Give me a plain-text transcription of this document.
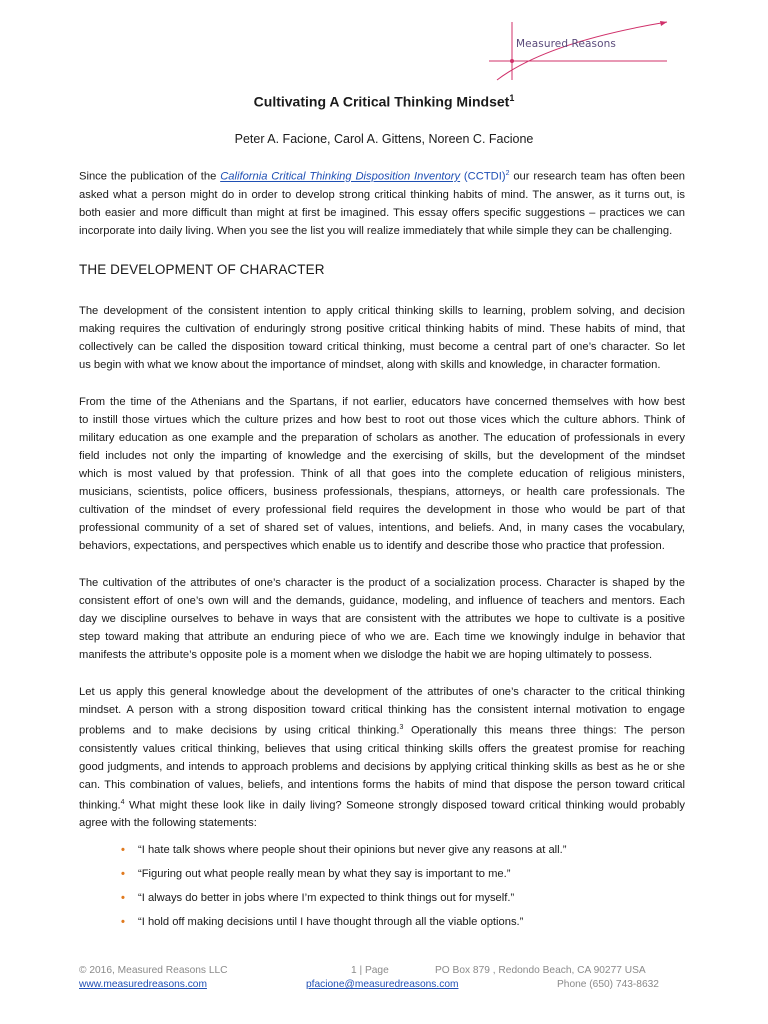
Measured Reasons
Cultivating A Critical Thinking Mindset$^1$
Peter A. Facione, Carol A. Gittens, Noreen C. Facione
Since the publication of the California Critical Thinking Disposition Inventory (CCTDI)$^2$ our research team has often been
asked what a person might do in order to develop strong critical thinking habits of mind. The answer, as it turns out, is
both easier and more difficult than might at first be imagined. This essay offers specific suggestions – practices we can
incorporate into daily living. When you see the list you will realize immediately that while simple they can be challenging.
THE DEVELOPMENT OF CHARACTER
The development of the consistent intention to apply critical thinking skills to learning, problem solving, and decision
making requires the cultivation of enduringly strong positive critical thinking habits of mind. These habits of mind, that
collectively can be called the disposition toward critical thinking, must become a central part of one’s character. So let
us begin with what we know about the importance of mindset, along with skills and knowledge, in character formation.
From the time of the Athenians and the Spartans, if not earlier, educators have concerned themselves with how best
to instill those virtues which the culture prizes and how best to root out those vices which the culture abhors. Think of
military education as one example and the preparation of scholars as another. The education of professionals in every
field includes not only the imparting of knowledge and the exercising of skills, but the development of the mindset
which is most valued by that profession. Think of all that goes into the complete education of religious ministers,
musicians, scientists, police officers, business professionals, thespians, attorneys, or health care professionals. The
cultivation of the mindset of every professional field requires the development in those who would be part of that
professional community of a set of shared set of values, intentions, and beliefs. And, in many cases the vocabulary,
behaviors, expectations, and perspectives which enable us to identify and describe those who practice that profession.
The cultivation of the attributes of one’s character is the product of a socialization process. Character is shaped by the
consistent effort of one’s own will and the demands, guidance, modeling, and influence of teachers and mentors. Each
day we discipline ourselves to behave in ways that are consistent with the attributes we hope to cultivate is a positive
step toward making that attribute an enduring piece of who we are. Each time we knowingly indulge in behavior that
manifests the attribute’s opposite pole is a moment when we dislodge the habit we are hoping ultimately to possess.
Let us apply this general knowledge about the development of the attributes of one’s character to the critical thinking
mindset. A person with a strong disposition toward critical thinking has the consistent internal motivation to engage
problems and to make decisions by using critical thinking.$^3$ Operationally this means three things: The person
consistently values critical thinking, believes that using critical thinking skills offers the greatest promise for reaching
good judgments, and intends to approach problems and decisions by applying critical thinking skills as best as he or she
can. This combination of values, beliefs, and intentions forms the habits of mind that dispose the person toward critical
thinking.$^4$ What might these look like in daily living? Someone strongly disposed toward critical thinking would probably
agree with the following statements:
• “I hate talk shows where people shout their opinions but never give any reasons at all.”
• “Figuring out what people really mean by what they say is important to me.”
• “I always do better in jobs where I’m expected to think things out for myself.”
• “I hold off making decisions until I have thought through all the viable options.”
© 2016, Measured Reasons LLC	1 | Page	PO Box 879 , Redondo Beach, CA 90277 USA
www.measuredreasons.com	pfacione@measuredreasons.com	Phone (650) 743-8632
